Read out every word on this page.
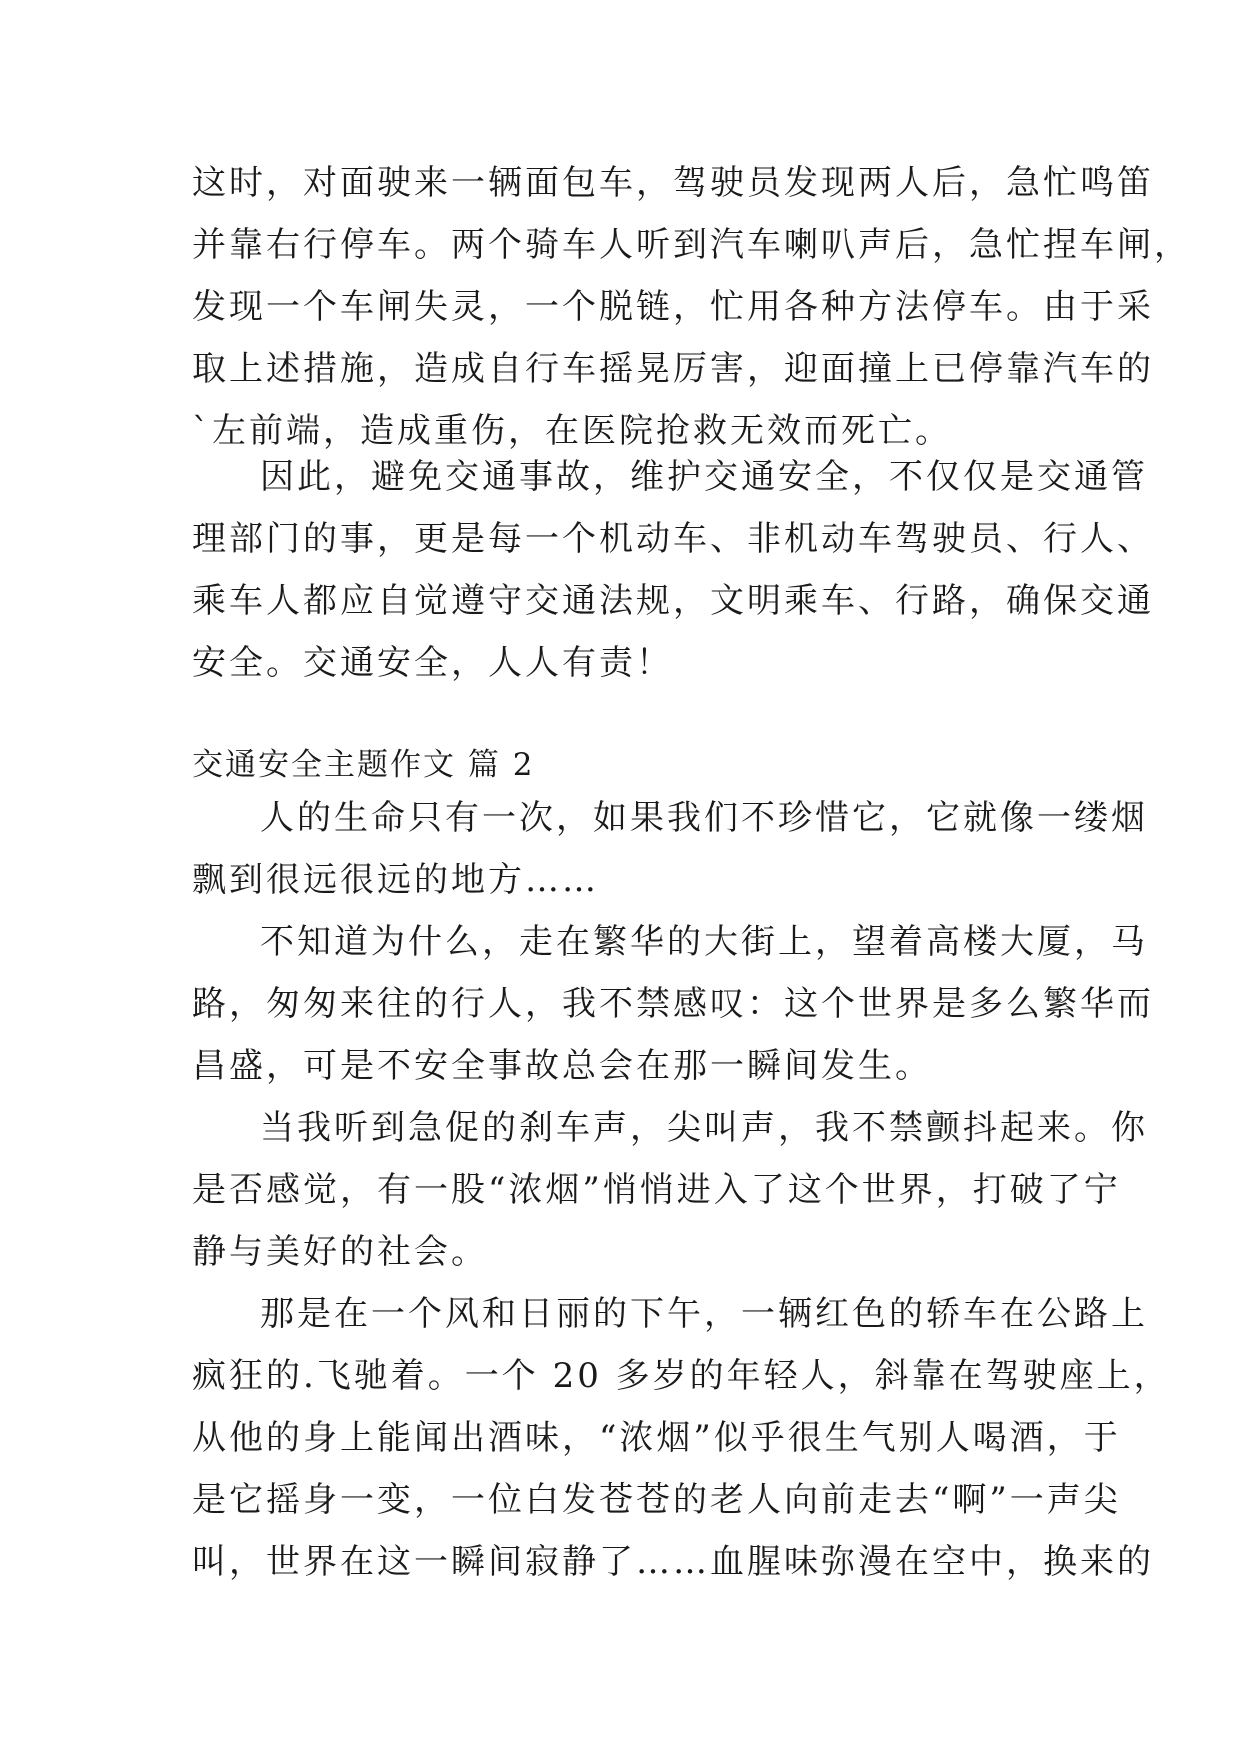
这时，对面驶来一辆面包车，驾驶员发现两人后，急忙鸣笛
并靠右行停车。两个骑车人听到汽车喇叭声后，急忙捏车闸，
发现一个车闸失灵，一个脱链，忙用各种方法停车。由于采
取上述措施，造成自行车摇晃厉害，迎面撞上已停靠汽车的
`左前端，造成重伤，在医院抢救无效而死亡。
因此，避免交通事故，维护交通安全，不仅仅是交通管
理部门的事，更是每一个机动车、非机动车驾驶员、行人、
乘车人都应自觉遵守交通法规，文明乘车、行路，确保交通
安全。交通安全，人人有责！
交通安全主题作文 篇 2
人的生命只有一次，如果我们不珍惜它，它就像一缕烟
飘到很远很远的地方……
不知道为什么，走在繁华的大街上，望着高楼大厦，马
路，匆匆来往的行人，我不禁感叹：这个世界是多么繁华而
昌盛，可是不安全事故总会在那一瞬间发生。
当我听到急促的刹车声，尖叫声，我不禁颤抖起来。你
是否感觉，有一股“浓烟”悄悄进入了这个世界，打破了宁
静与美好的社会。
那是在一个风和日丽的下午，一辆红色的轿车在公路上
疯狂的.飞驰着。一个 20 多岁的年轻人，斜靠在驾驶座上，
从他的身上能闻出酒味，“浓烟”似乎很生气别人喝酒，于
是它摇身一变，一位白发苍苍的老人向前走去“啊”一声尖
叫，世界在这一瞬间寂静了……血腥味弥漫在空中，换来的
